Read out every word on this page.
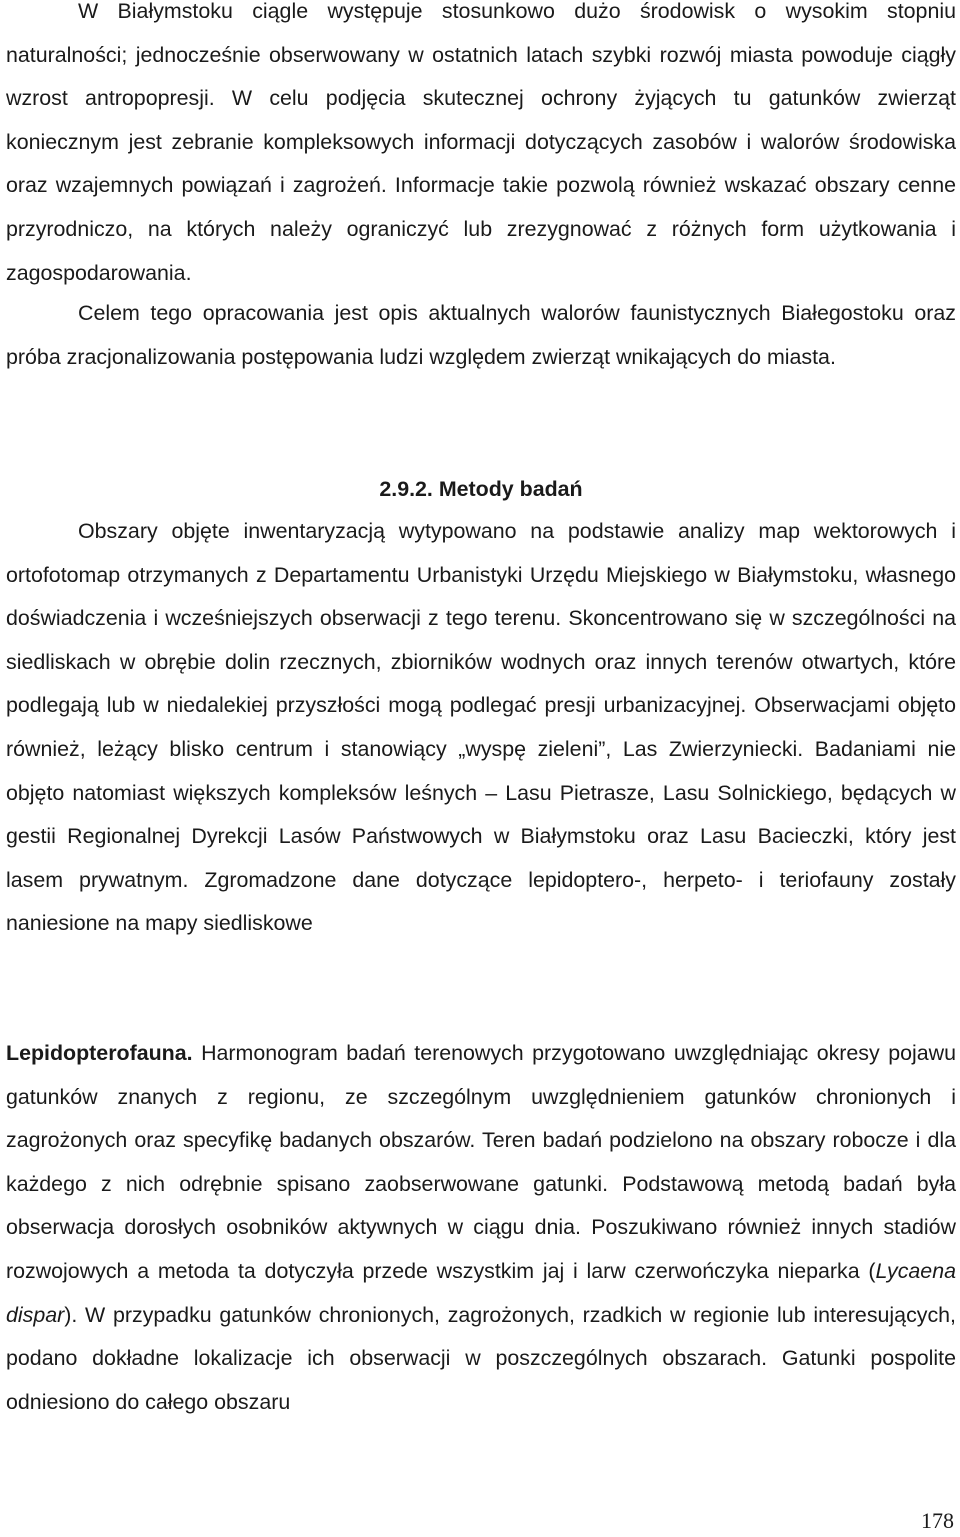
W Białymstoku ciągle występuje stosunkowo dużo środowisk o wysokim stopniu naturalności; jednocześnie obserwowany w ostatnich latach szybki rozwój miasta powoduje ciągły wzrost antropopresji. W celu podjęcia skutecznej ochrony żyjących tu gatunków zwierząt koniecznym jest zebranie kompleksowych informacji dotyczących zasobów i walorów środowiska oraz wzajemnych powiązań i zagrożeń. Informacje takie pozwolą również wskazać obszary cenne przyrodniczo, na których należy ograniczyć lub zrezygnować z różnych form użytkowania i zagospodarowania.

Celem tego opracowania jest opis aktualnych walorów faunistycznych Białegostoku oraz próba zracjonalizowania postępowania ludzi względem zwierząt wnikających do miasta.

2.9.2. Metody badań

Obszary objęte inwentaryzacją wytypowano na podstawie analizy map wektorowych i ortofotomap otrzymanych z Departamentu Urbanistyki Urzędu Miejskiego w Białymstoku, własnego doświadczenia i wcześniejszych obserwacji z tego terenu. Skoncentrowano się w szczególności na siedliskach w obrębie dolin rzecznych, zbiorników wodnych oraz innych terenów otwartych, które podlegają lub w niedalekiej przyszłości mogą podlegać presji urbanizacyjnej. Obserwacjami objęto również, leżący blisko centrum i stanowiący „wyspę zieleni”, Las Zwierzyniecki. Badaniami nie objęto natomiast większych kompleksów leśnych – Lasu Pietrasze, Lasu Solnickiego, będących w gestii Regionalnej Dyrekcji Lasów Państwowych w Białymstoku oraz Lasu Bacieczki, który jest lasem prywatnym. Zgromadzone dane dotyczące lepidoptero-, herpeto- i teriofauny zostały naniesione na mapy siedliskowe

Lepidopterofauna. Harmonogram badań terenowych przygotowano uwzględniając okresy pojawu gatunków znanych z regionu, ze szczególnym uwzględnieniem gatunków chronionych i zagrożonych oraz specyfikę badanych obszarów. Teren badań podzielono na obszary robocze i dla każdego z nich odrębnie spisano zaobserwowane gatunki. Podstawową metodą badań była obserwacja dorosłych osobników aktywnych w ciągu dnia. Poszukiwano również innych stadiów rozwojowych a metoda ta dotyczyła przede wszystkim jaj i larw czerwończyka nieparka (Lycaena dispar). W przypadku gatunków chronionych, zagrożonych, rzadkich w regionie lub interesujących, podano dokładne lokalizacje ich obserwacji w poszczególnych obszarach. Gatunki pospolite odniesiono do całego obszaru

178
